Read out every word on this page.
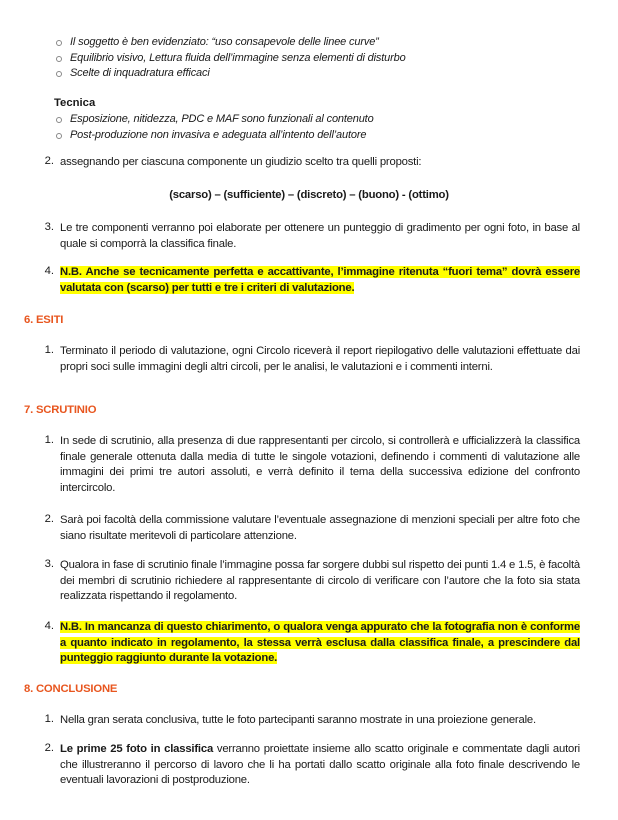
Il soggetto è ben evidenziato: “uso consapevole delle linee curve”
Equilibrio visivo, Lettura fluida dell’immagine senza elementi di disturbo
Scelte di inquadratura efficaci
Tecnica
Esposizione, nitidezza, PDC e MAF sono funzionali al contenuto
Post-produzione non invasiva e adeguata all’intento dell’autore
2. assegnando per ciascuna componente un giudizio scelto tra quelli proposti:
(scarso) – (sufficiente) – (discreto) – (buono) - (ottimo)
3. Le tre componenti verranno poi elaborate per ottenere un punteggio di gradimento per ogni foto, in base al quale si comporrà la classifica finale.
4. N.B. Anche se tecnicamente perfetta e accattivante, l’immagine ritenuta “fuori tema” dovrà essere valutata con (scarso) per tutti e tre i criteri di valutazione.
6. ESITI
1. Terminato il periodo di valutazione, ogni Circolo riceverà il report riepilogativo delle valutazioni effettuate dai propri soci sulle immagini degli altri circoli, per le analisi, le valutazioni e i commenti interni.
7. SCRUTINIO
1. In sede di scrutinio, alla presenza di due rappresentanti per circolo, si controllerà e ufficializzerà la classifica finale generale ottenuta dalla media di tutte le singole votazioni, definendo i commenti di valutazione alle immagini dei primi tre autori assoluti, e verrà definito il tema della successiva edizione del confronto intercircolo.
2. Sarà poi facoltà della commissione valutare l’eventuale assegnazione di menzioni speciali per altre foto che siano risultate meritevoli di particolare attenzione.
3. Qualora in fase di scrutinio finale l’immagine possa far sorgere dubbi sul rispetto dei punti 1.4 e 1.5, è facoltà dei membri di scrutinio richiedere al rappresentante di circolo di verificare con l’autore che la foto sia stata realizzata rispettando il regolamento.
4. N.B. In mancanza di questo chiarimento, o qualora venga appurato che la fotografia non è conforme a quanto indicato in regolamento, la stessa verrà esclusa dalla classifica finale, a prescindere dal punteggio raggiunto durante la votazione.
8. CONCLUSIONE
1. Nella gran serata conclusiva, tutte le foto partecipanti saranno mostrate in una proiezione generale.
2. Le prime 25 foto in classifica verranno proiettate insieme allo scatto originale e commentate dagli autori che illustreranno il percorso di lavoro che li ha portati dallo scatto originale alla foto finale descrivendo le eventuali lavorazioni di postproduzione.
